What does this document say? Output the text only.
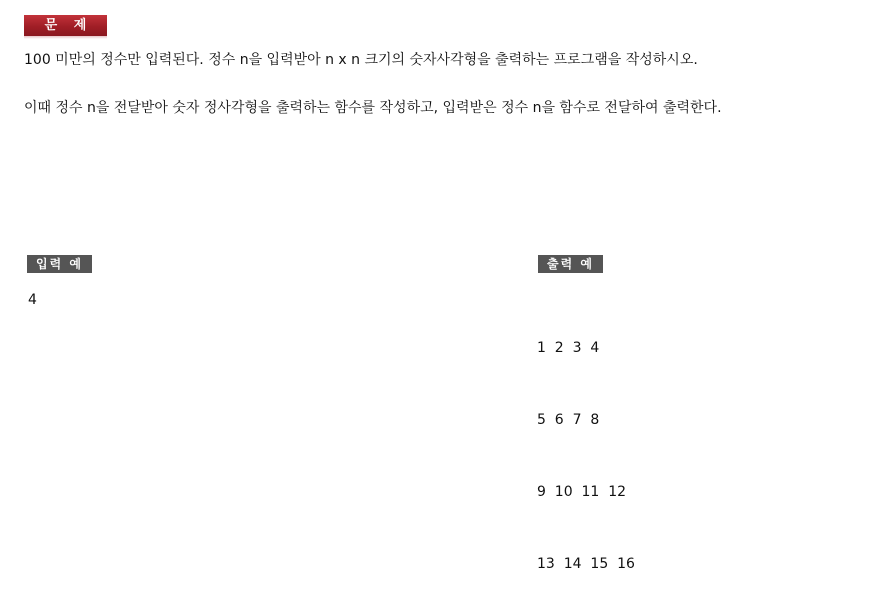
문 제
100 미만의 정수만 입력된다. 정수 n을 입력받아 n x n 크기의 숫자사각형을 출력하는 프로그램을 작성하시오.
이때 정수 n을 전달받아 숫자 정사각형을 출력하는 함수를 작성하고, 입력받은 정수 n을 함수로 전달하여 출력한다.
입력 예
4
출력 예

1  2  3  4

5  6  7  8

9  10  11  12

13  14  15  16
